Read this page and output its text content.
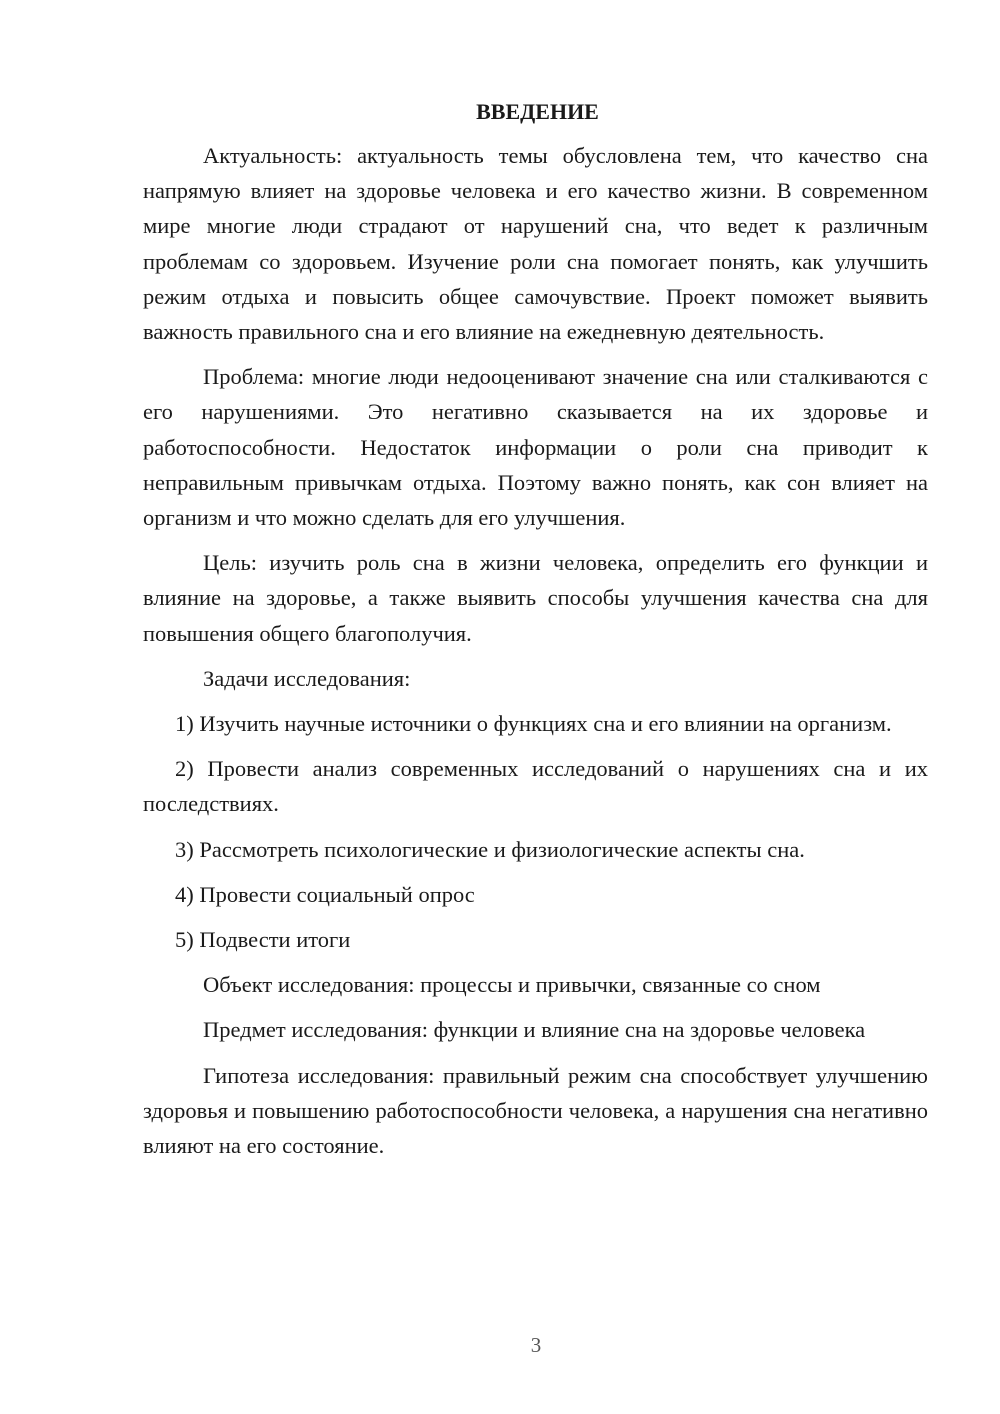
ВВЕДЕНИЕ

Актуальность: актуальность темы обусловлена тем, что качество сна напрямую влияет на здоровье человека и его качество жизни. В современном мире многие люди страдают от нарушений сна, что ведет к различным проблемам со здоровьем. Изучение роли сна помогает понять, как улучшить режим отдыха и повысить общее самочувствие. Проект поможет выявить важность правильного сна и его влияние на ежедневную деятельность.

Проблема: многие люди недооценивают значение сна или сталкиваются с его нарушениями. Это негативно сказывается на их здоровье и работоспособности. Недостаток информации о роли сна приводит к неправильным привычкам отдыха. Поэтому важно понять, как сон влияет на организм и что можно сделать для его улучшения.

Цель: изучить роль сна в жизни человека, определить его функции и влияние на здоровье, а также выявить способы улучшения качества сна для повышения общего благополучия.

Задачи исследования:

1) Изучить научные источники о функциях сна и его влиянии на организм.

2) Провести анализ современных исследований о нарушениях сна и их последствиях.

3) Рассмотреть психологические и физиологические аспекты сна.

4) Провести социальный опрос

5) Подвести итоги

Объект исследования: процессы и привычки, связанные со сном

Предмет исследования: функции и влияние сна на здоровье человека

Гипотеза исследования: правильный режим сна способствует улучшению здоровья и повышению работоспособности человека, а нарушения сна негативно влияют на его состояние.

3
